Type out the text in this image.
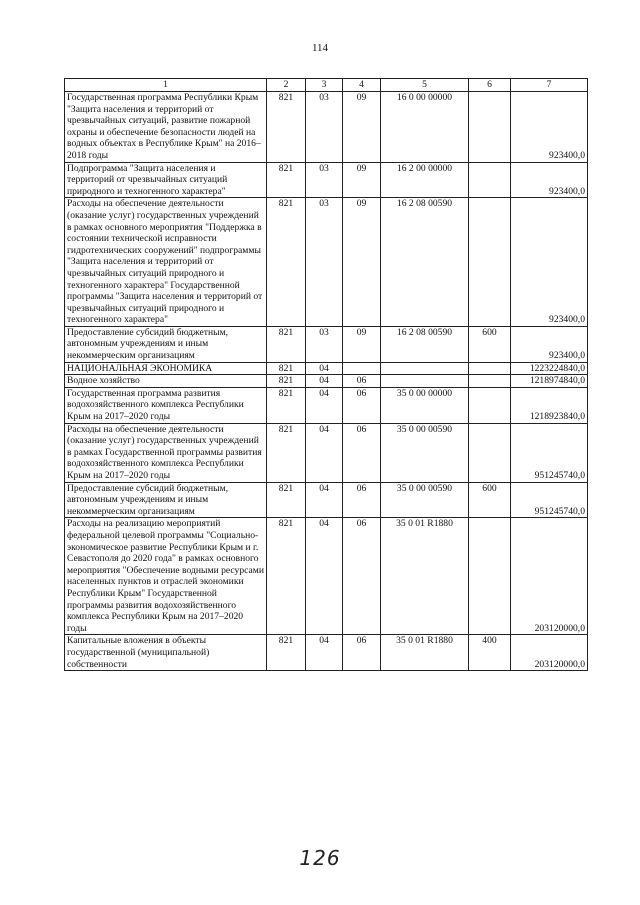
114
1	2	3	4	5	6	7
Государственная программа Республики Крым "Защита населения и территорий от чрезвычайных ситуаций, развитие пожарной охраны и обеспечение безопасности людей на водных объектах в Республике Крым" на 2016–2018 годы	821	03	09	16 0 00 00000		923400,0
Подпрограмма "Защита населения и территорий от чрезвычайных ситуаций природного и техногенного характера"	821	03	09	16 2 00 00000		923400,0
Расходы на обеспечение деятельности (оказание услуг) государственных учреждений в рамках основного мероприятия "Поддержка в состоянии технической исправности гидротехнических сооружений" подпрограммы "Защита населения и территорий от чрезвычайных ситуаций природного и техногенного характера" Государственной программы "Защита населения и территорий от чрезвычайных ситуаций природного и техногенного характера"	821	03	09	16 2 08 00590		923400,0
Предоставление субсидий бюджетным, автономным учреждениям и иным некоммерческим организациям	821	03	09	16 2 08 00590	600	923400,0
НАЦИОНАЛЬНАЯ ЭКОНОМИКА	821	04				1223224840,0
Водное хозяйство	821	04	06			1218974840,0
Государственная программа развития водохозяйственного комплекса Республики Крым на 2017–2020 годы	821	04	06	35 0 00 00000		1218923840,0
Расходы на обеспечение деятельности (оказание услуг) государственных учреждений в рамках Государственной программы развития водохозяйственного комплекса Республики Крым на 2017–2020 годы	821	04	06	35 0 00 00590		951245740,0
Предоставление субсидий бюджетным, автономным учреждениям и иным некоммерческим организациям	821	04	06	35 0 00 00590	600	951245740,0
Расходы на реализацию мероприятий федеральной целевой программы "Социально-экономическое развитие Республики Крым и г. Севастополя до 2020 года" в рамках основного мероприятия "Обеспечение водными ресурсами населенных пунктов и отраслей экономики Республики Крым" Государственной программы развития водохозяйственного комплекса Республики Крым на 2017–2020 годы	821	04	06	35 0 01 R1880		203120000,0
Капитальные вложения в объекты государственной (муниципальной) собственности	821	04	06	35 0 01 R1880	400	203120000,0
126
